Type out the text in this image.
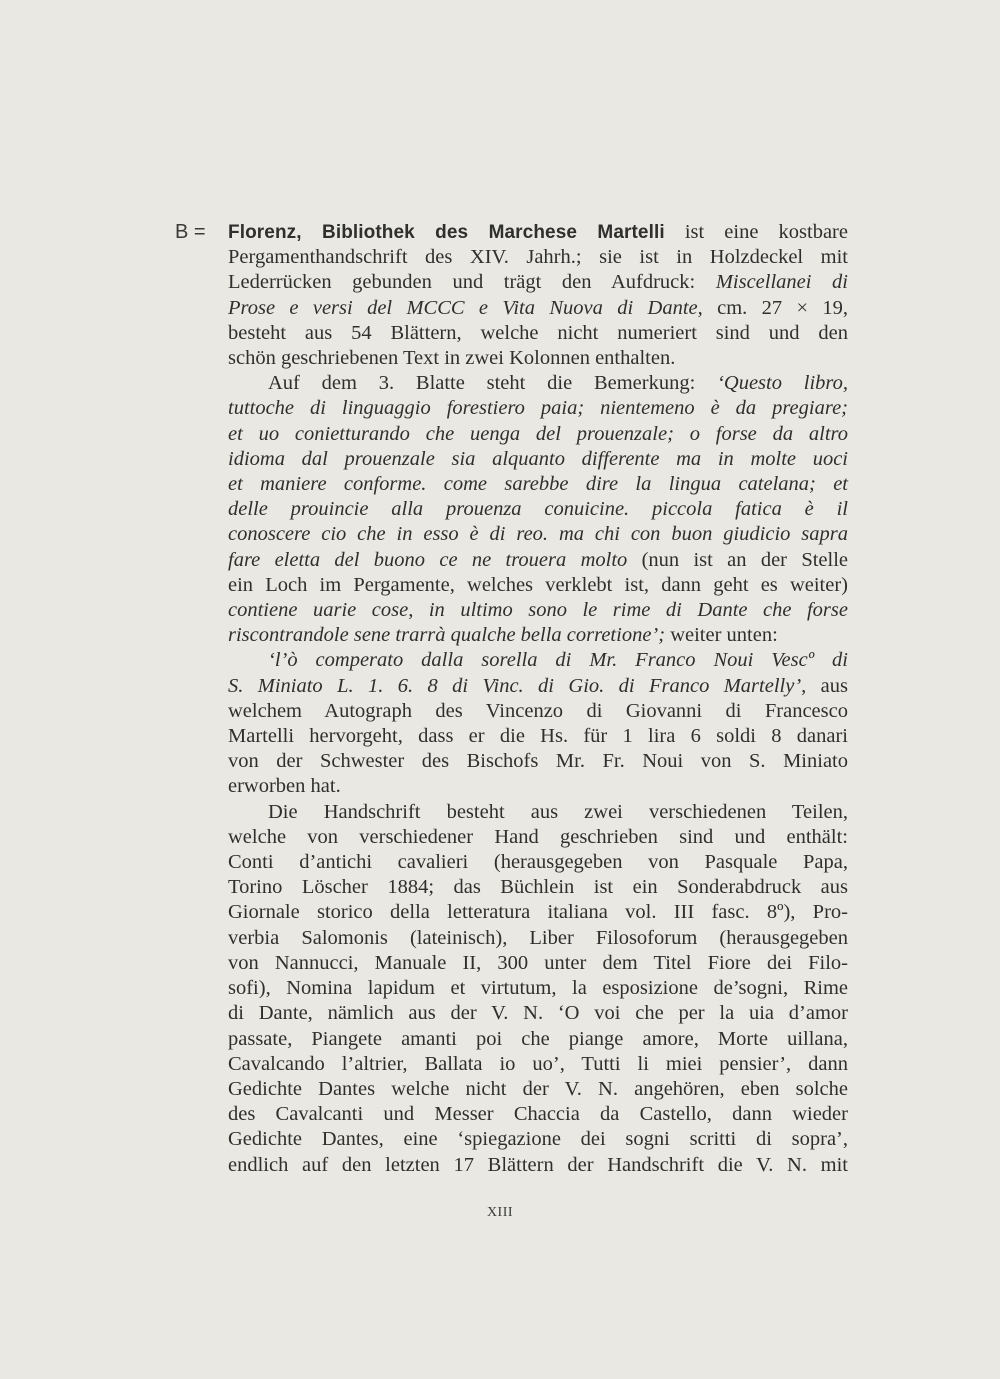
B = Florenz, Bibliothek des Marchese Martelli ist eine kostbare
Pergamenthandschrift des XIV. Jahrh.; sie ist in Holzdeckel mit
Lederrücken gebunden und trägt den Aufdruck: Miscellanei di
Prose e versi del MCCC e Vita Nuova di Dante, cm. 27 × 19,
besteht aus 54 Blättern, welche nicht numeriert sind und den
schön geschriebenen Text in zwei Kolonnen enthalten.
Auf dem 3. Blatte steht die Bemerkung: ‘Questo libro,
tuttoche di linguaggio forestiero paia; nientemeno è da pregiare;
et uo conietturando che uenga del prouenzale; o forse da altro
idioma dal prouenzale sia alquanto differente ma in molte uoci
et maniere conforme. come sarebbe dire la lingua catelana; et
delle prouincie alla prouenza conuicine. piccola fatica è il
conoscere cio che in esso è di reo. ma chi con buon giudicio sapra
fare eletta del buono ce ne trouera molto (nun ist an der Stelle
ein Loch im Pergamente, welches verklebt ist, dann geht es weiter)
contiene uarie cose, in ultimo sono le rime di Dante che forse
riscontrandole sene trarrà qualche bella corretione’; weiter unten:
‘l’ò comperato dalla sorella di Mr. Franco Noui Vescº di
S. Miniato L. 1. 6. 8 di Vinc. di Gio. di Franco Martelly’, aus
welchem Autograph des Vincenzo di Giovanni di Francesco
Martelli hervorgeht, dass er die Hs. für 1 lira 6 soldi 8 danari
von der Schwester des Bischofs Mr. Fr. Noui von S. Miniato
erworben hat.
Die Handschrift besteht aus zwei verschiedenen Teilen,
welche von verschiedener Hand geschrieben sind und enthält:
Conti d’antichi cavalieri (herausgegeben von Pasquale Papa,
Torino Löscher 1884; das Büchlein ist ein Sonderabdruck aus
Giornale storico della letteratura italiana vol. III fasc. 8º), Pro-
verbia Salomonis (lateinisch), Liber Filosoforum (herausgegeben
von Nannucci, Manuale II, 300 unter dem Titel Fiore dei Filo-
sofi), Nomina lapidum et virtutum, la esposizione de’sogni, Rime
di Dante, nämlich aus der V. N. ‘O voi che per la uia d’amor
passate, Piangete amanti poi che piange amore, Morte uillana,
Cavalcando l’altrier, Ballata io uo’, Tutti li miei pensier’, dann
Gedichte Dantes welche nicht der V. N. angehören, eben solche
des Cavalcanti und Messer Chaccia da Castello, dann wieder
Gedichte Dantes, eine ‘spiegazione dei sogni scritti di sopra’,
endlich auf den letzten 17 Blättern der Handschrift die V. N. mit
XIII
